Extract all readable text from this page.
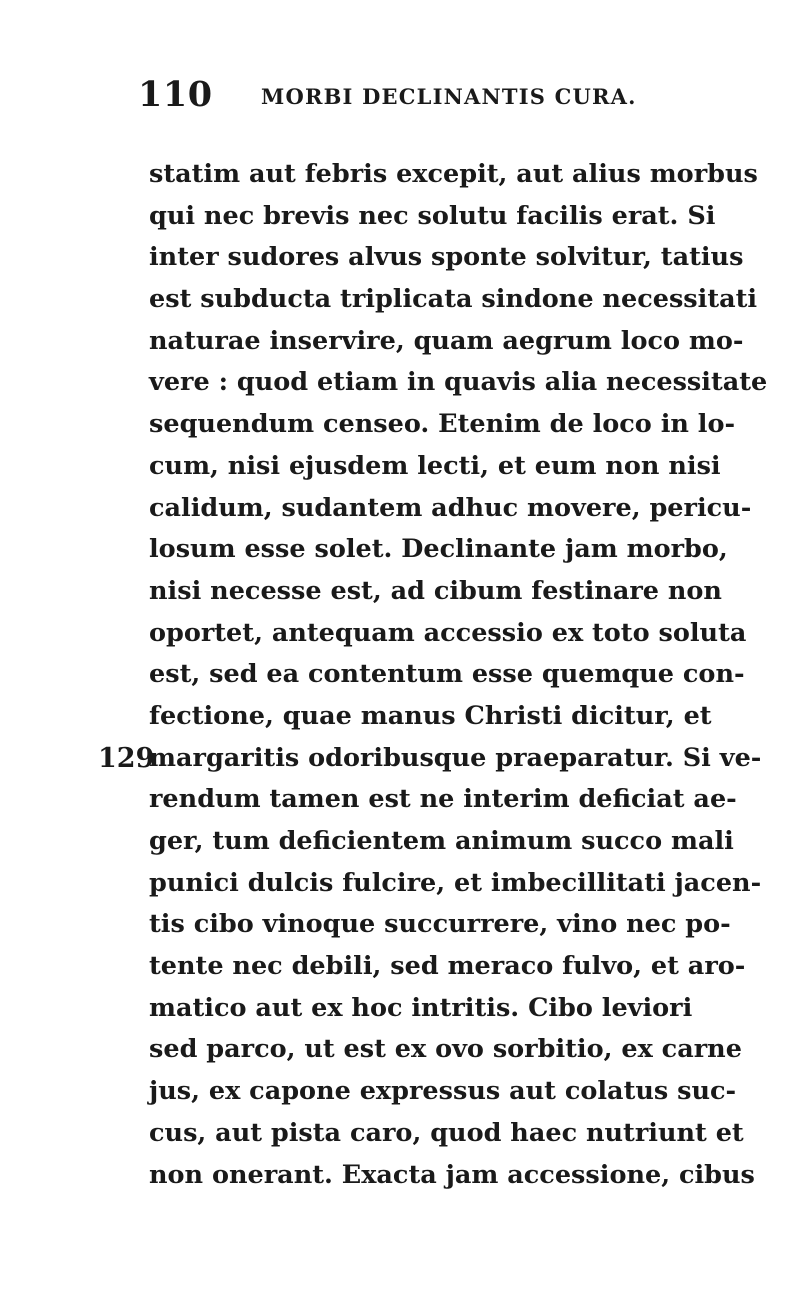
110 MORBI DECLINANTIS CURA.
statim aut febris excepit, aut alius morbus
qui nec brevis nec solutu facilis erat. Si
inter sudores alvus sponte solvitur, tatius
est subducta triplicata sindone necessitati
naturae inservire, quam aegrum loco mo-
vere : quod etiam in quavis alia necessitate
sequendum censeo. Etenim de loco in lo-
cum, nisi ejusdem lecti, et eum non nisi
calidum, sudantem adhuc movere, pericu-
losum esse solet. Declinante jam morbo,
nisi necesse est, ad cibum festinare non
oportet, antequam accessio ex toto soluta
est, sed ea contentum esse quemque con-
fectione, quae manus Christi dicitur, et
129
margaritis odoribusque praeparatur. Si ve-
rendum tamen est ne interim deficiat ae-
ger, tum deficientem animum succo mali
punici dulcis fulcire, et imbecillitati jacen-
tis cibo vinoque succurrere, vino nec po-
tente nec debili, sed meraco fulvo, et aro-
matico aut ex hoc intritis. Cibo leviori
sed parco, ut est ex ovo sorbitio, ex carne
jus, ex capone expressus aut colatus suc-
cus, aut pista caro, quod haec nutriunt et
non onerant. Exacta jam accessione, cibus
